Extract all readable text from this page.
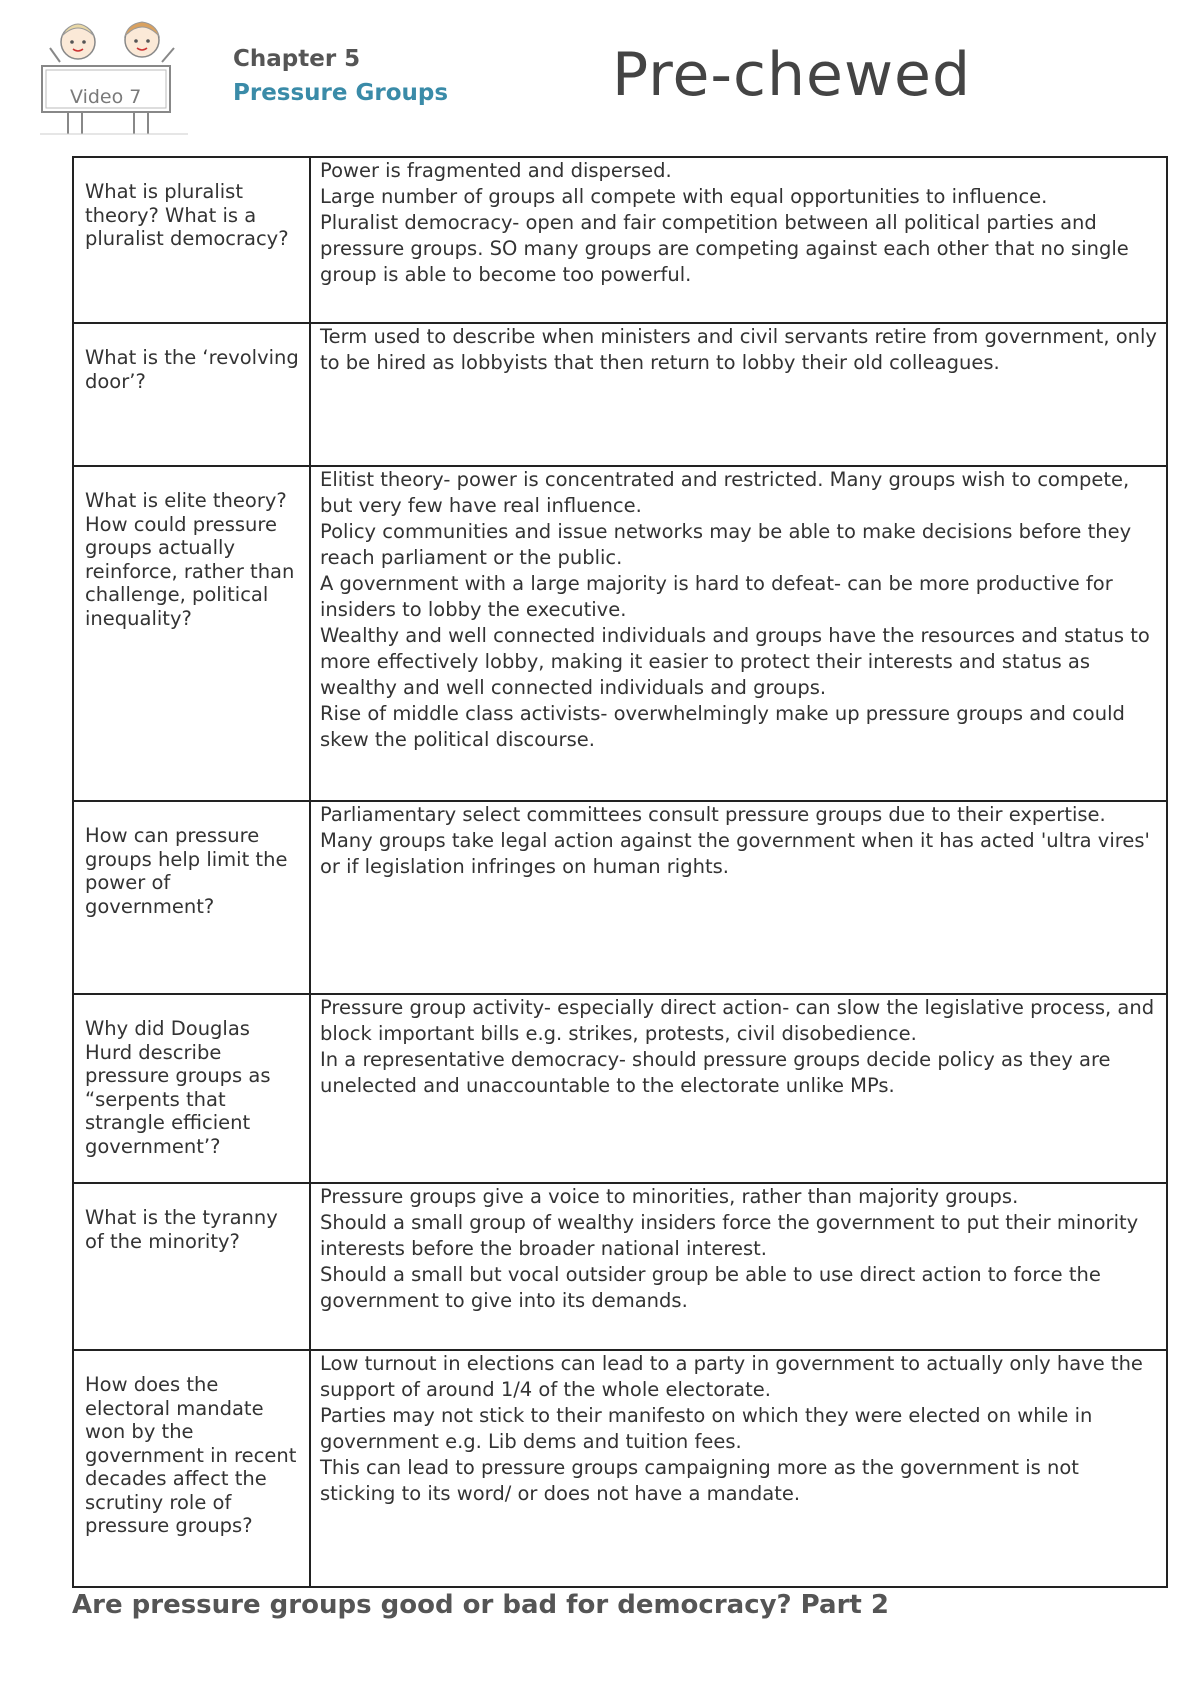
Video 7
Chapter 5
Pressure Groups	Pre-chewed
What is pluralist theory? What is a pluralist democracy?	Power is fragmented and dispersed.
Large number of groups all compete with equal opportunities to influence.
Pluralist democracy- open and fair competition between all political parties and pressure groups. SO many groups are competing against each other that no single group is able to become too powerful.

What is the ‘revolving door’?	Term used to describe when ministers and civil servants retire from government, only to be hired as lobbyists that then return to lobby their old colleagues.

What is elite theory? How could pressure groups actually reinforce, rather than challenge, political inequality?	Elitist theory- power is concentrated and restricted. Many groups wish to compete, but very few have real influence.
Policy communities and issue networks may be able to make decisions before they reach parliament or the public.
A government with a large majority is hard to defeat- can be more productive for insiders to lobby the executive.
Wealthy and well connected individuals and groups have the resources and status to more effectively lobby, making it easier to protect their interests and status as wealthy and well connected individuals and groups.
Rise of middle class activists- overwhelmingly make up pressure groups and could skew the political discourse.

How can pressure groups help limit the power of government?	Parliamentary select committees consult pressure groups due to their expertise.
Many groups take legal action against the government when it has acted 'ultra vires' or if legislation infringes on human rights.

Why did Douglas Hurd describe pressure groups as “serpents that strangle efficient government’?	Pressure group activity- especially direct action- can slow the legislative process, and block important bills e.g. strikes, protests, civil disobedience.
In a representative democracy- should pressure groups decide policy as they are unelected and unaccountable to the electorate unlike MPs.

What is the tyranny of the minority?	Pressure groups give a voice to minorities, rather than majority groups.
Should a small group of wealthy insiders force the government to put their minority interests before the broader national interest.
Should a small but vocal outsider group be able to use direct action to force the government to give into its demands.

How does the electoral mandate won by the government in recent decades affect the scrutiny role of pressure groups?	Low turnout in elections can lead to a party in government to actually only have the support of around 1/4 of the whole electorate.
Parties may not stick to their manifesto on which they were elected on while in government e.g. Lib dems and tuition fees.
This can lead to pressure groups campaigning more as the government is not sticking to its word/ or does not have a mandate.
Are pressure groups good or bad for democracy? Part 2
